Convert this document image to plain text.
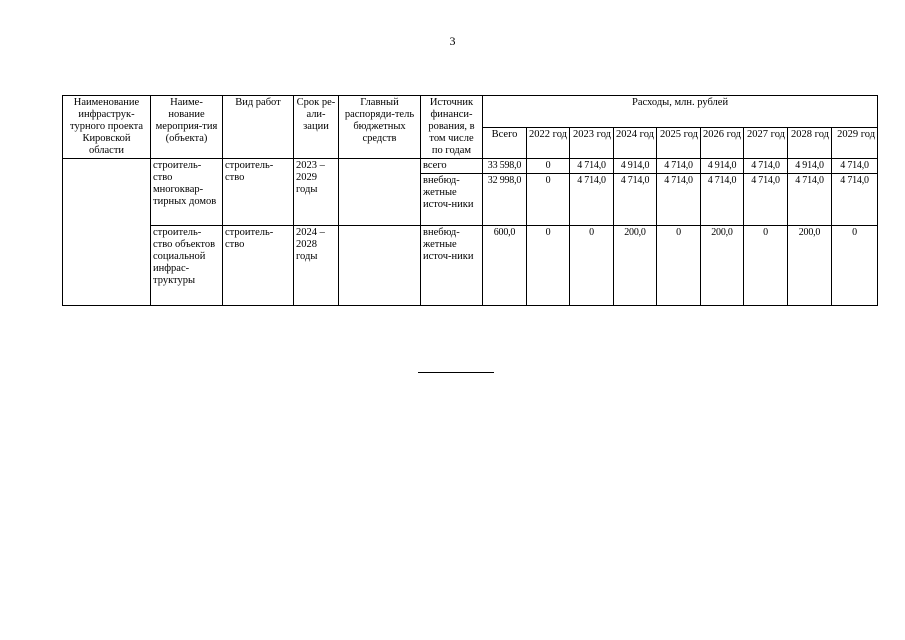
3
Наименование инфраструк-турного проекта Кировской области	Наиме-нование мероприя-тия (объекта)	Вид работ	Срок ре-али-зации	Главный распоряди-тель бюджетных средств	Источник финанси-рования, в том числе по годам	Расходы, млн. рублей								
						Всего	2022 год	2023 год	2024 год	2025 год	2026 год	2027 год	2028 год	2029 год
	строитель-ство многоквар-тирных домов	строитель-ство	2023 – 2029 годы		всего	33 598,0	0	4 714,0	4 914,0	4 714,0	4 914,0	4 714,0	4 914,0	4 714,0
					внебюд-жетные источ-ники	32 998,0	0	4 714,0	4 714,0	4 714,0	4 714,0	4 714,0	4 714,0	4 714,0
	строитель-ство объектов социальной инфрас-труктуры	строитель-ство	2024 – 2028 годы		внебюд-жетные источ-ники	600,0	0	0	200,0	0	200,0	0	200,0	0
